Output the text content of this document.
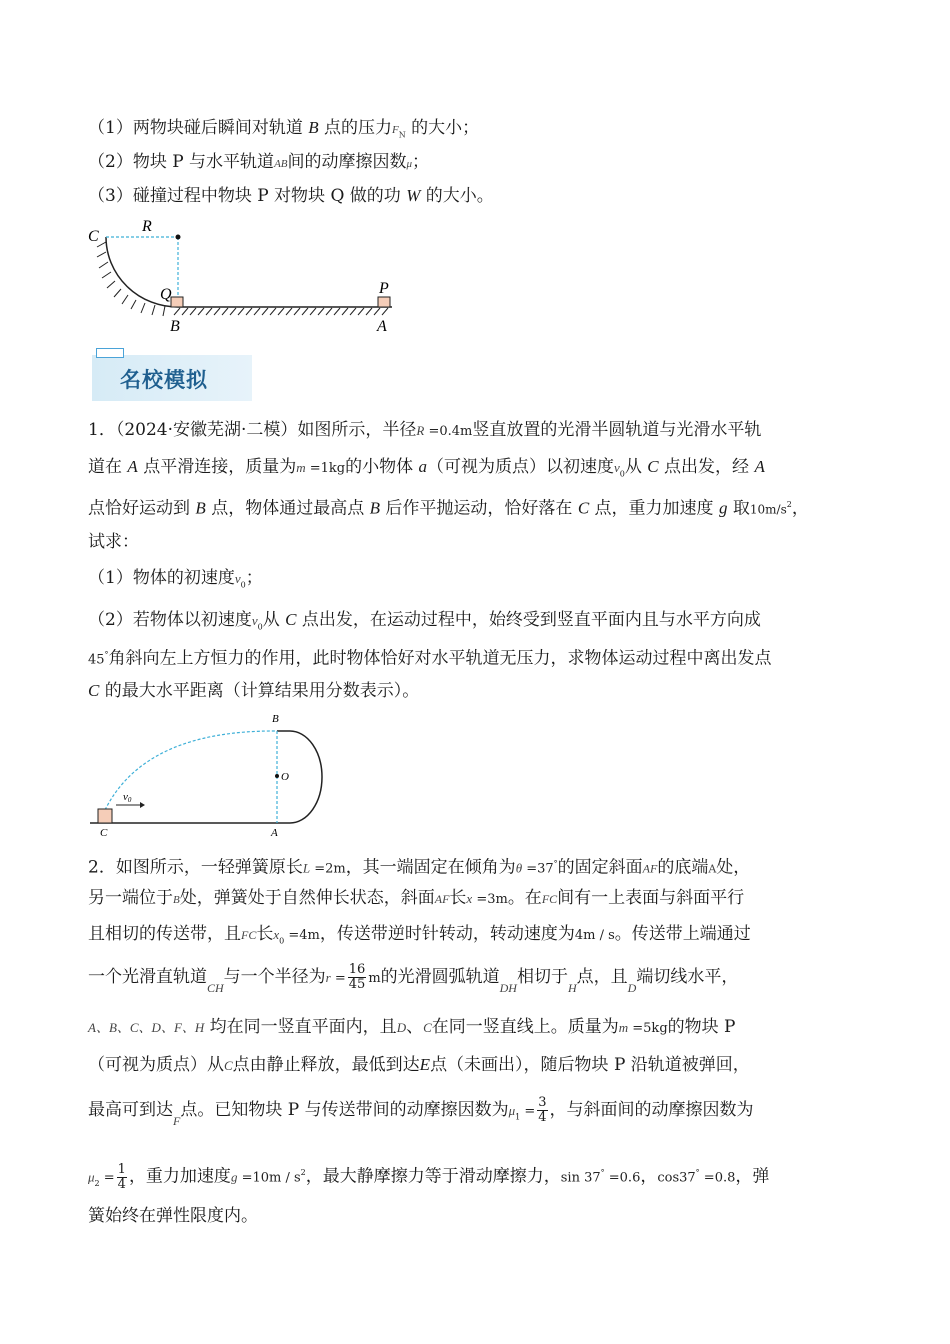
（1）两物块碰后瞬间对轨道 B 点的压力$F_N$ 的大小；
（2）物块 P 与水平轨道AB间的动摩擦因数μ；
（3）碰撞过程中物块 P 对物块 Q 做的功 W 的大小。
C
R
Q
B
P
A
名校模拟
1．（2024·安徽芜湖·二模）如图所示，半径R =0.4m竖直放置的光滑半圆轨道与光滑水平轨
道在 A 点平滑连接，质量为m =1kg的小物体 a（可视为质点）以初速度$v_0$从 C 点出发，经 A
点恰好运动到 B 点，物体通过最高点 B 后作平抛运动，恰好落在 C 点，重力加速度 g 取$10m/s^2$，
试求：
（1）物体的初速度$v_0$；
（2）若物体以初速度$v_0$从 C 点出发，在运动过程中，始终受到竖直平面内且与水平方向成
45°角斜向左上方恒力的作用，此时物体恰好对水平轨道无压力，求物体运动过程中离出发点
C 的最大水平距离（计算结果用分数表示）。
B
O
v0
C	A
2．如图所示，一轻弹簧原长L =2m，其一端固定在倾角为θ =37°的固定斜面AF的底端A处，
另一端位于B处，弹簧处于自然伸长状态，斜面AF长x =3m。在FC间有一上表面与斜面平行
且相切的传送带，且FC长$x_0 =4m$，传送带逆时针转动，转动速度为4m / s。传送带上端通过
一个光滑直轨道$_{CH}$与一个半径为$r = \frac{16}{45}$ m的光滑圆弧轨道$_{DH}$相切于$_H$点，且$_D$端切线水平，
A、B、C、D、F、H 均在同一竖直平面内，且D、C在同一竖直线上。质量为m =5kg的物块 P
（可视为质点）从C点由静止释放，最低到达E点（未画出），随后物块 P 沿轨道被弹回，
最高可到达$_F$点。已知物块 P 与传送带间的动摩擦因数为$\mu_1 = \frac{3}{4}$ ，与斜面间的动摩擦因数为
$\mu_2 = \frac{1}{4}$ ，重力加速度$g =10m / s^2$，最大静摩擦力等于滑动摩擦力，sin 37° =0.6，cos37° =0.8，弹
簧始终在弹性限度内。
